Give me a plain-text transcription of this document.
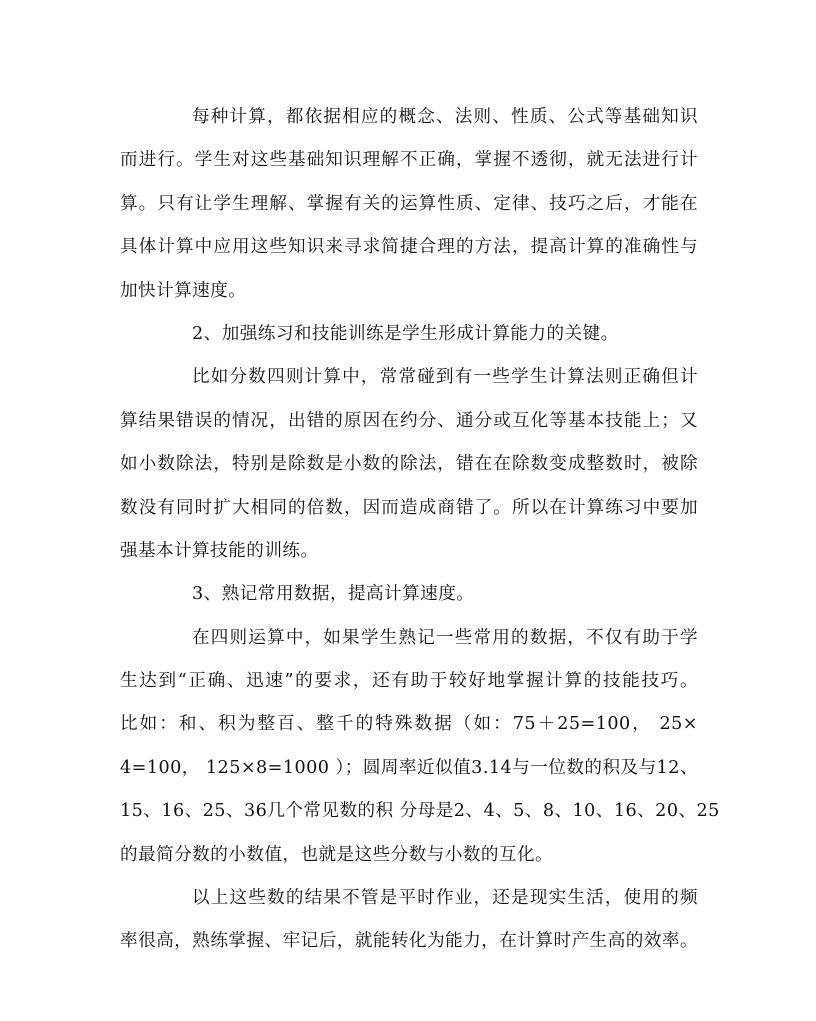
每种计算，都依据相应的概念、法则、性质、公式等基础知识
而进行。学生对这些基础知识理解不正确，掌握不透彻，就无法进行计
算。只有让学生理解、掌握有关的运算性质、定律、技巧之后，才能在
具体计算中应用这些知识来寻求简捷合理的方法，提高计算的准确性与
加快计算速度。
2、加强练习和技能训练是学生形成计算能力的关键。
比如分数四则计算中，常常碰到有一些学生计算法则正确但计
算结果错误的情况，出错的原因在约分、通分或互化等基本技能上；又
如小数除法，特别是除数是小数的除法，错在在除数变成整数时，被除
数没有同时扩大相同的倍数，因而造成商错了。所以在计算练习中要加
强基本计算技能的训练。
3、熟记常用数据，提高计算速度。
在四则运算中，如果学生熟记一些常用的数据，不仅有助于学
生达到“正确、迅速”的要求，还有助于较好地掌握计算的技能技巧。
比如：和、积为整百、整千的特殊数据（如：75＋25=100， 25×
4=100， 125×8=1000 ）；圆周率近似值3.14与一位数的积及与12、
15、16、25、36几个常见数的积 分母是2、4、5、8、10、16、20、25
的最简分数的小数值，也就是这些分数与小数的互化。
以上这些数的结果不管是平时作业，还是现实生活，使用的频
率很高，熟练掌握、牢记后，就能转化为能力，在计算时产生高的效率。
